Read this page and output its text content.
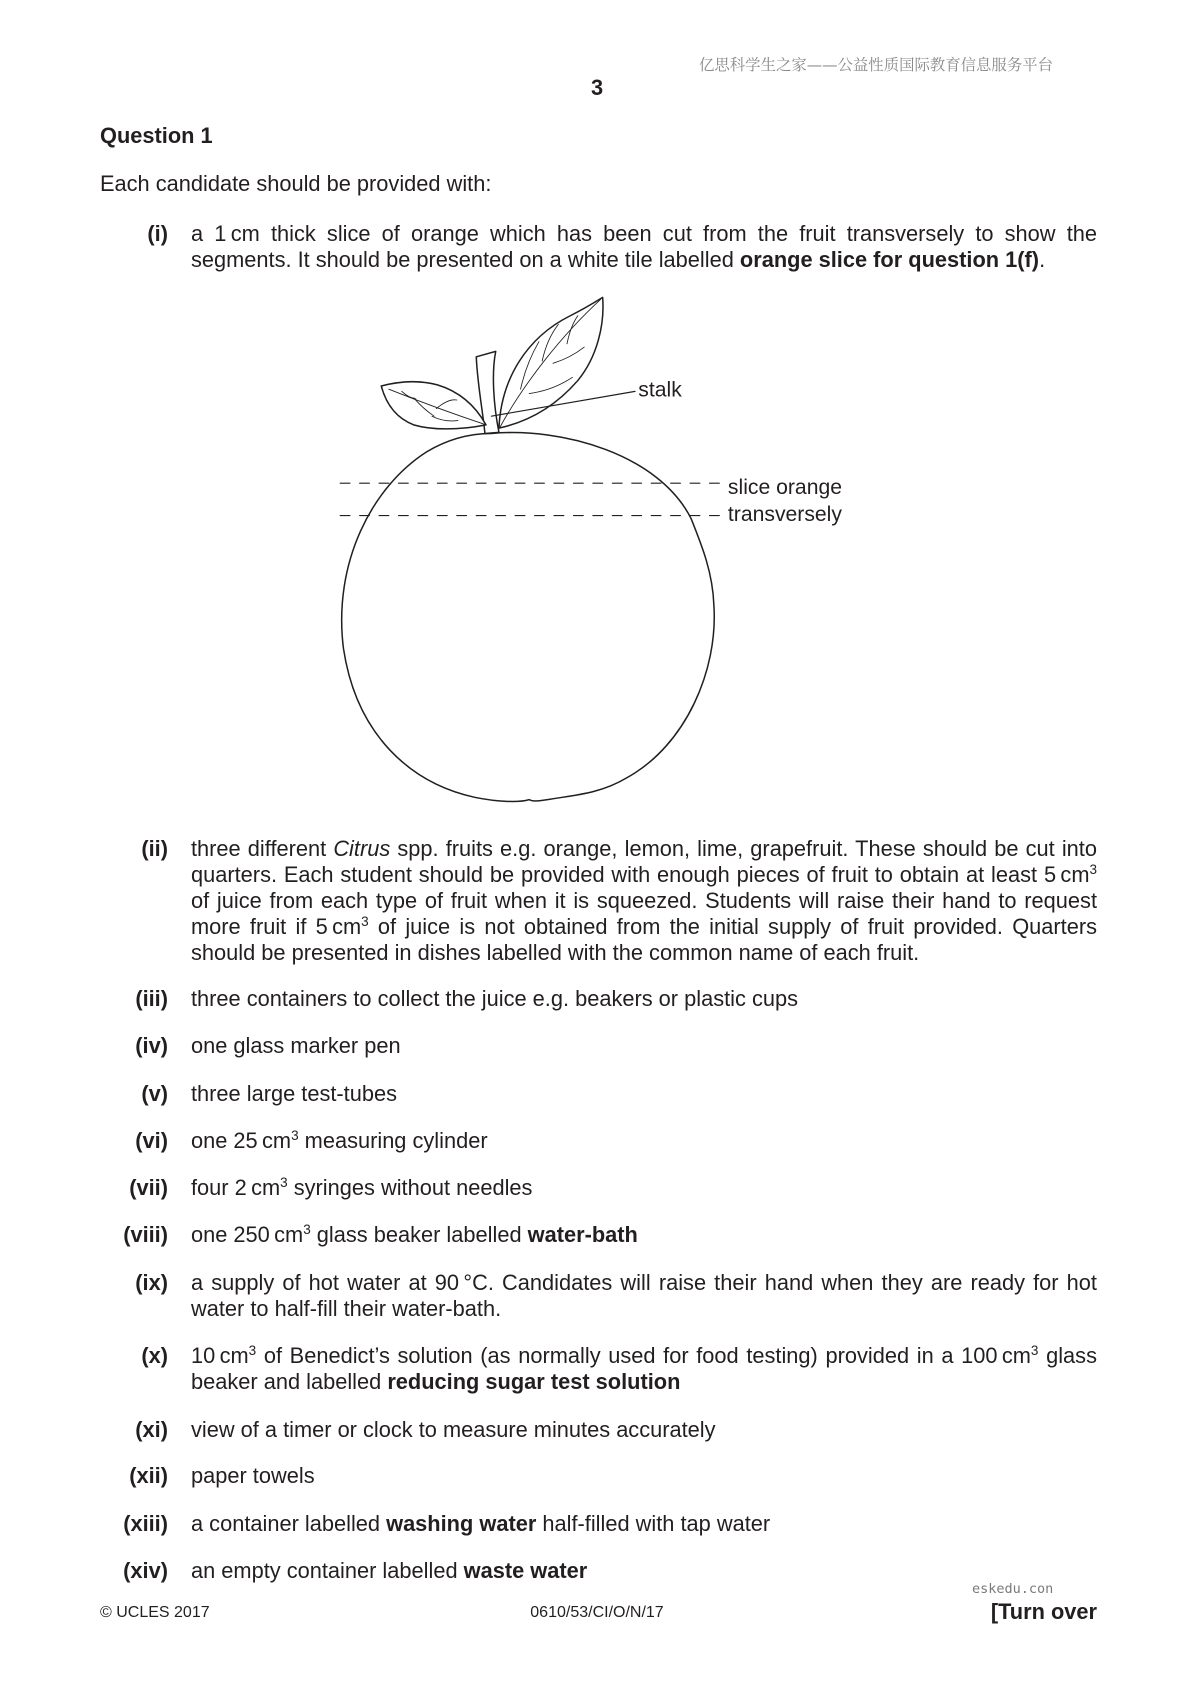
亿思科学生之家——公益性质国际教育信息服务平台
3
Question 1
Each candidate should be provided with:
(i) a 1 cm thick slice of orange which has been cut from the fruit transversely to show the segments. It should be presented on a white tile labelled orange slice for question 1(f).
stalk
slice orange
transversely
(ii) three different Citrus spp. fruits e.g. orange, lemon, lime, grapefruit. These should be cut into quarters. Each student should be provided with enough pieces of fruit to obtain at least 5 $cm^3$ of juice from each type of fruit when it is squeezed. Students will raise their hand to request more fruit if 5 $cm^3$ of juice is not obtained from the initial supply of fruit provided. Quarters should be presented in dishes labelled with the common name of each fruit.
(iii) three containers to collect the juice e.g. beakers or plastic cups
(iv) one glass marker pen
(v) three large test-tubes
(vi) one 25 $cm^3$ measuring cylinder
(vii) four 2 $cm^3$ syringes without needles
(viii) one 250 $cm^3$ glass beaker labelled water-bath
(ix) a supply of hot water at 90 °C. Candidates will raise their hand when they are ready for hot water to half-fill their water-bath.
(x) 10 $cm^3$ of Benedict’s solution (as normally used for food testing) provided in a 100 $cm^3$ glass beaker and labelled reducing sugar test solution
(xi) view of a timer or clock to measure minutes accurately
(xii) paper towels
(xiii) a container labelled washing water half-filled with tap water
(xiv) an empty container labelled waste water
eskedu.con
© UCLES 2017	0610/53/CI/O/N/17	[Turn over
